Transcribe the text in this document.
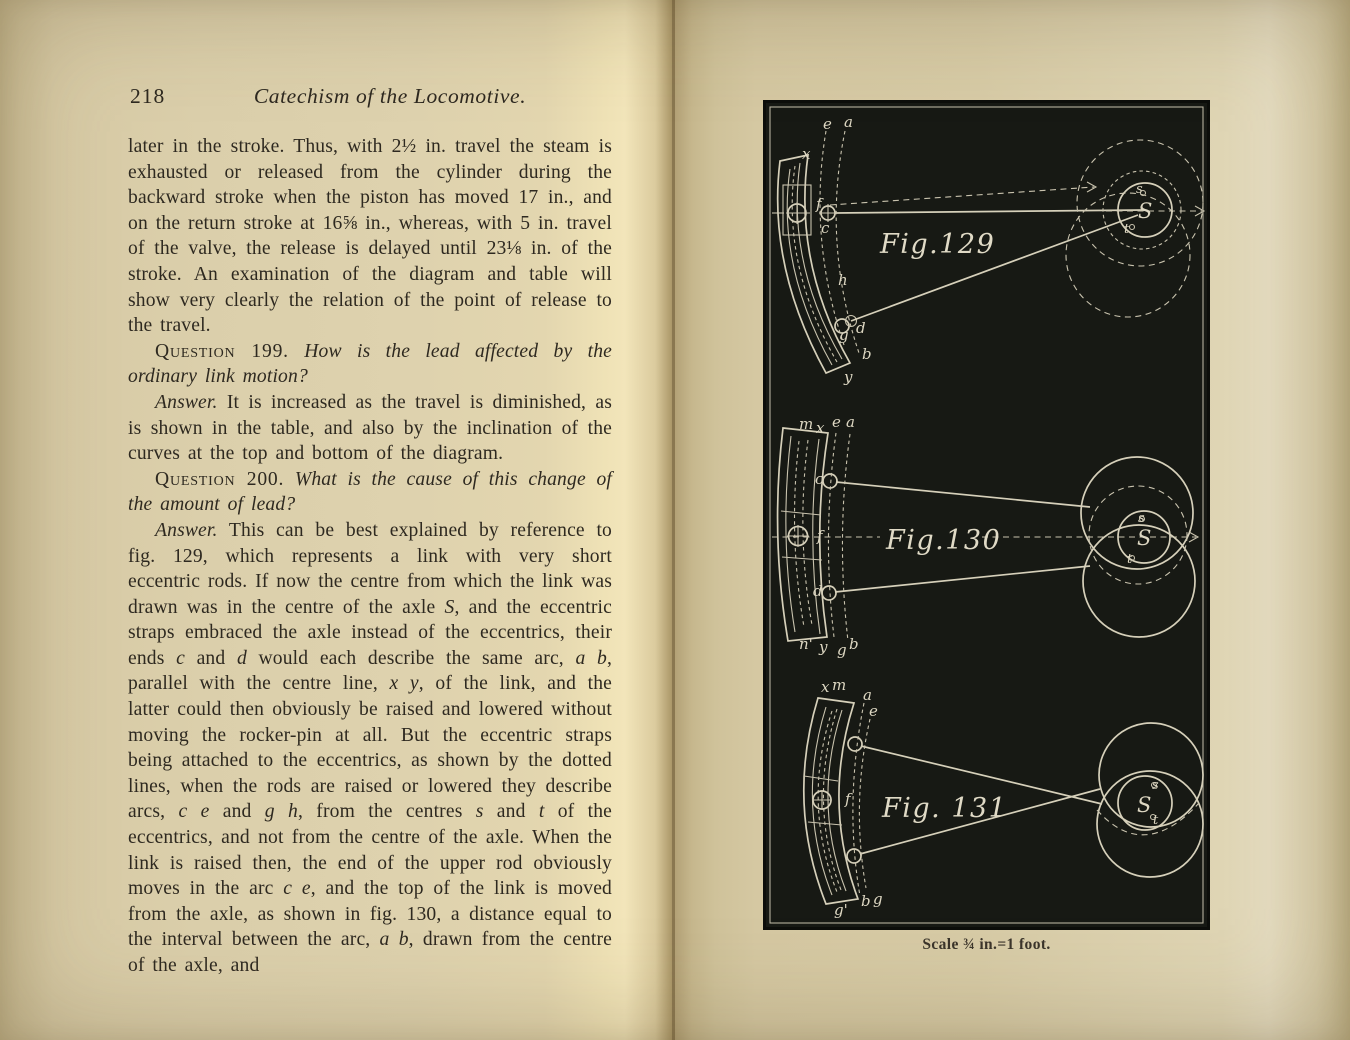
218	Catechism of the Locomotive.

later in the stroke. Thus, with 2½ in. travel the steam is exhausted or released from the cylinder during the backward stroke when the piston has moved 17 in., and on the return stroke at 16⅝ in., whereas, with 5 in. travel of the valve, the release is delayed until 23⅛ in. of the stroke. An examination of the diagram and table will show very clearly the relation of the point of release to the travel.

Question 199. How is the lead affected by the ordinary link motion?

Answer. It is increased as the travel is diminished, as is shown in the table, and also by the inclination of the curves at the top and bottom of the diagram.

Question 200. What is the cause of this change of the amount of lead?

Answer. This can be best explained by reference to fig. 129, which represents a link with very short eccentric rods. If now the centre from which the link was drawn was in the centre of the axle S, and the eccentric straps embraced the axle instead of the eccentrics, their ends c and d would each describe the same arc, a b, parallel with the centre line, x y, of the link, and the latter could then obviously be raised and lowered without moving the rocker-pin at all. But the eccentric straps being attached to the eccentrics, as shown by the dotted lines, when the rods are raised or lowered they describe arcs, c e and g h, from the centres s and t of the eccentrics, and not from the centre of the axle. When the link is raised then, the end of the upper rod obviously moves in the arc c e, and the top of the link is moved from the axle, as shown in fig. 130, a distance equal to the interval between the arc, a b, drawn from the centre of the axle, and

Fig.129
e a
x
f
c
h
g d
b
y
s
t
S
Fig.130
m x e a
c
f
d
n' y g b
s
t
S
Fig. 131
x m
a
e
f
g' b g
s
t
S
Scale ¾ in.=1 foot.
